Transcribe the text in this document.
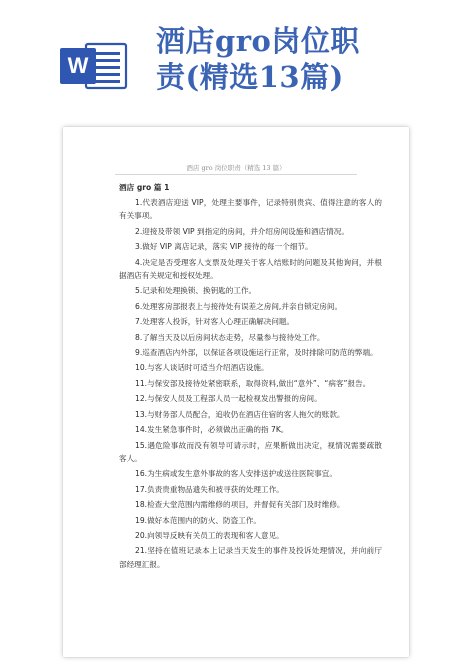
W
酒店gro岗位职
责(精选13篇)
酒店 gro 岗位职责（精选 13 篇）
酒店 gro 篇 1

1.代表酒店迎送 VIP，处理主要事件，记录特别贵宾、值得注意的客人的有关事项。

2.迎接及带领 VIP 到指定的房间，并介绍房间设施和酒店情况。

3.做好 VIP 离店记录，落实 VIP 接待的每一个细节。

4.决定是否受理客人支票及处理关于客人结账时的问题及其他询问，并根据酒店有关规定和授权处理。

5.记录和处理换锁、换钥匙的工作。

6.处理客房部报表上与接待处有误差之房间,并亲自锁定房间。

7.处理客人投诉，针对客人心理正确解决问题。

8.了解当天及以后房间状态走势，尽量参与接待处工作。

9.巡查酒店内外部，以保证各项设施运行正常，及时排除可防范的弊端。

10.与客人谈话时可适当介绍酒店设施。

11.与保安部及接待处紧密联系，取得资料,做出“意外”、“病客”报告。

12.与保安人员及工程部人员一起检视发出警报的房间。

13.与财务部人员配合，追收仍在酒店住宿的客人拖欠的账款。

14.发生紧急事件时，必须做出正确的指 7K。

15.遇危险事故而没有领导可请示时，应果断做出决定，视情况需要疏散客人。

16.为生病或发生意外事故的客人安排送护或送往医院事宜。

17.负责贵重物品遗失和被寻获的处理工作。

18.检查大堂范围内需维修的项目，并督促有关部门及时维修。

19.做好本范围内的防火、防盗工作。

20.向领导反映有关员工的表现和客人意见。

21.坚持在值班记录本上记录当天发生的事件及投诉处理情况，并向前厅部经理汇报。
